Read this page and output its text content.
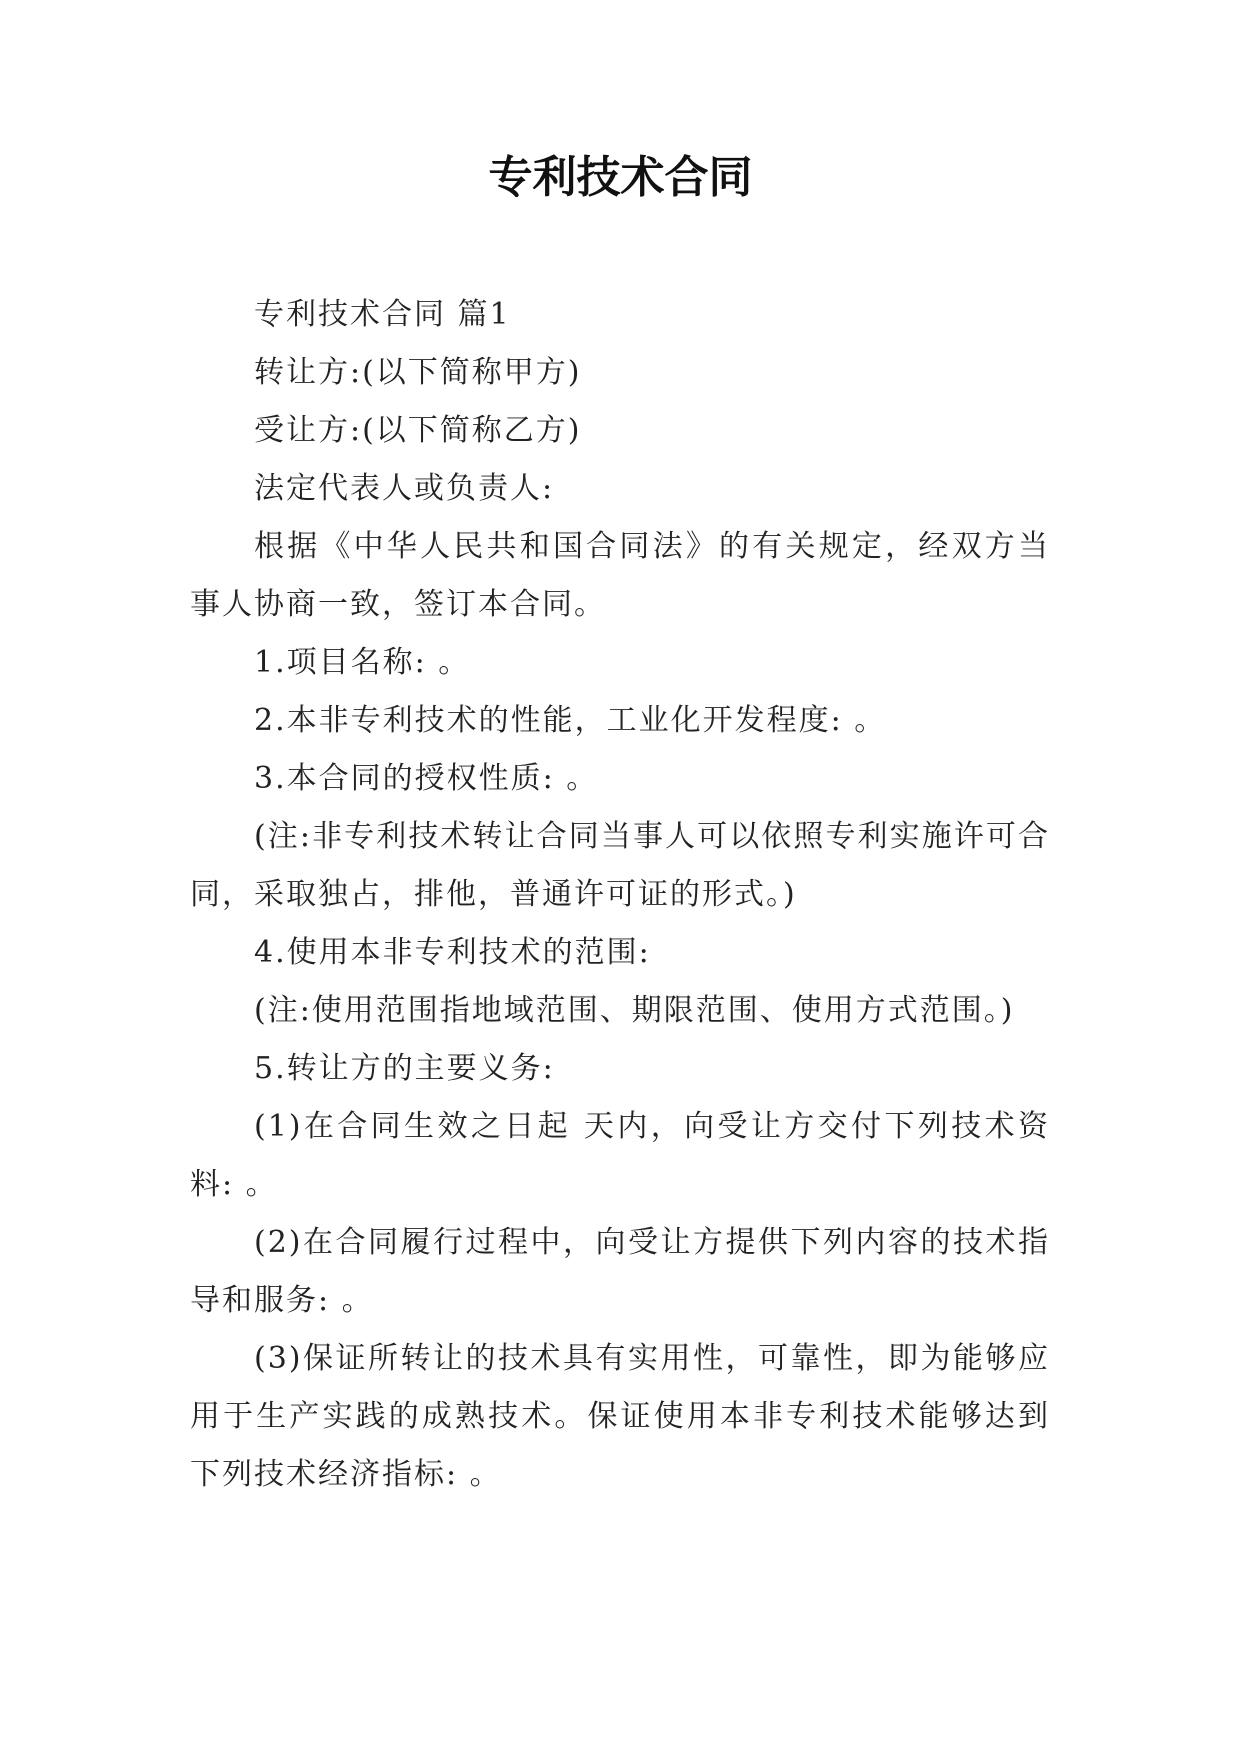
专利技术合同

专利技术合同 篇1

转让方:(以下简称甲方)

受让方:(以下简称乙方)

法定代表人或负责人:

根据《中华人民共和国合同法》的有关规定，经双方当事人协商一致，签订本合同。

1.项目名称: 。

2.本非专利技术的性能，工业化开发程度: 。

3.本合同的授权性质: 。

(注:非专利技术转让合同当事人可以依照专利实施许可合同，采取独占，排他，普通许可证的形式。)

4.使用本非专利技术的范围:

(注:使用范围指地域范围、期限范围、使用方式范围。)

5.转让方的主要义务:

(1)在合同生效之日起 天内，向受让方交付下列技术资料: 。

(2)在合同履行过程中，向受让方提供下列内容的技术指导和服务: 。

(3)保证所转让的技术具有实用性，可靠性，即为能够应用于生产实践的成熟技术。保证使用本非专利技术能够达到下列技术经济指标: 。
